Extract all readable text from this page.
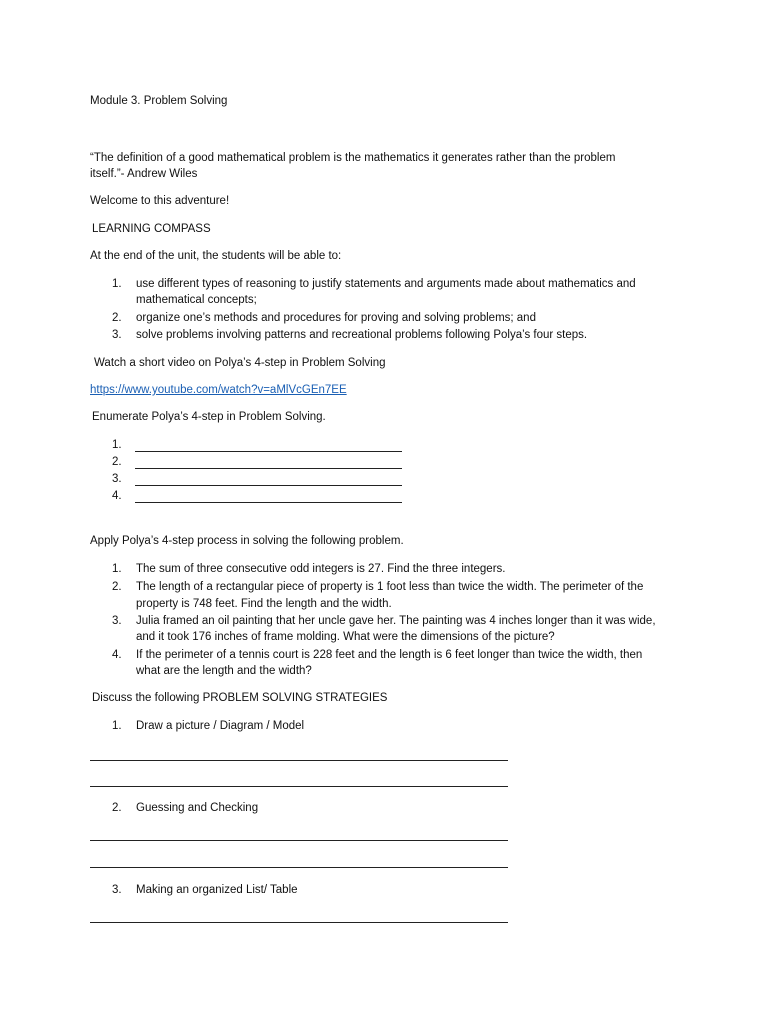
Module 3. Problem Solving
“The definition of a good mathematical problem is the mathematics it generates rather than the problem
itself.”- Andrew Wiles
Welcome to this adventure!
LEARNING COMPASS
At the end of the unit, the students will be able to:
1. use different types of reasoning to justify statements and arguments made about mathematics and
mathematical concepts;
2. organize one’s methods and procedures for proving and solving problems; and
3. solve problems involving patterns and recreational problems following Polya’s four steps.
Watch a short video on Polya’s 4-step in Problem Solving
https://www.youtube.com/watch?v=aMlVcGEn7EE
Enumerate Polya’s 4-step in Problem Solving.
1.
2.
3.
4.
Apply Polya’s 4-step process in solving the following problem.
1. The sum of three consecutive odd integers is 27. Find the three integers.
2. The length of a rectangular piece of property is 1 foot less than twice the width. The perimeter of the
property is 748 feet. Find the length and the width.
3. Julia framed an oil painting that her uncle gave her. The painting was 4 inches longer than it was wide,
and it took 176 inches of frame molding. What were the dimensions of the picture?
4. If the perimeter of a tennis court is 228 feet and the length is 6 feet longer than twice the width, then
what are the length and the width?
Discuss the following PROBLEM SOLVING STRATEGIES
1. Draw a picture / Diagram / Model
2. Guessing and Checking
3. Making an organized List/ Table
